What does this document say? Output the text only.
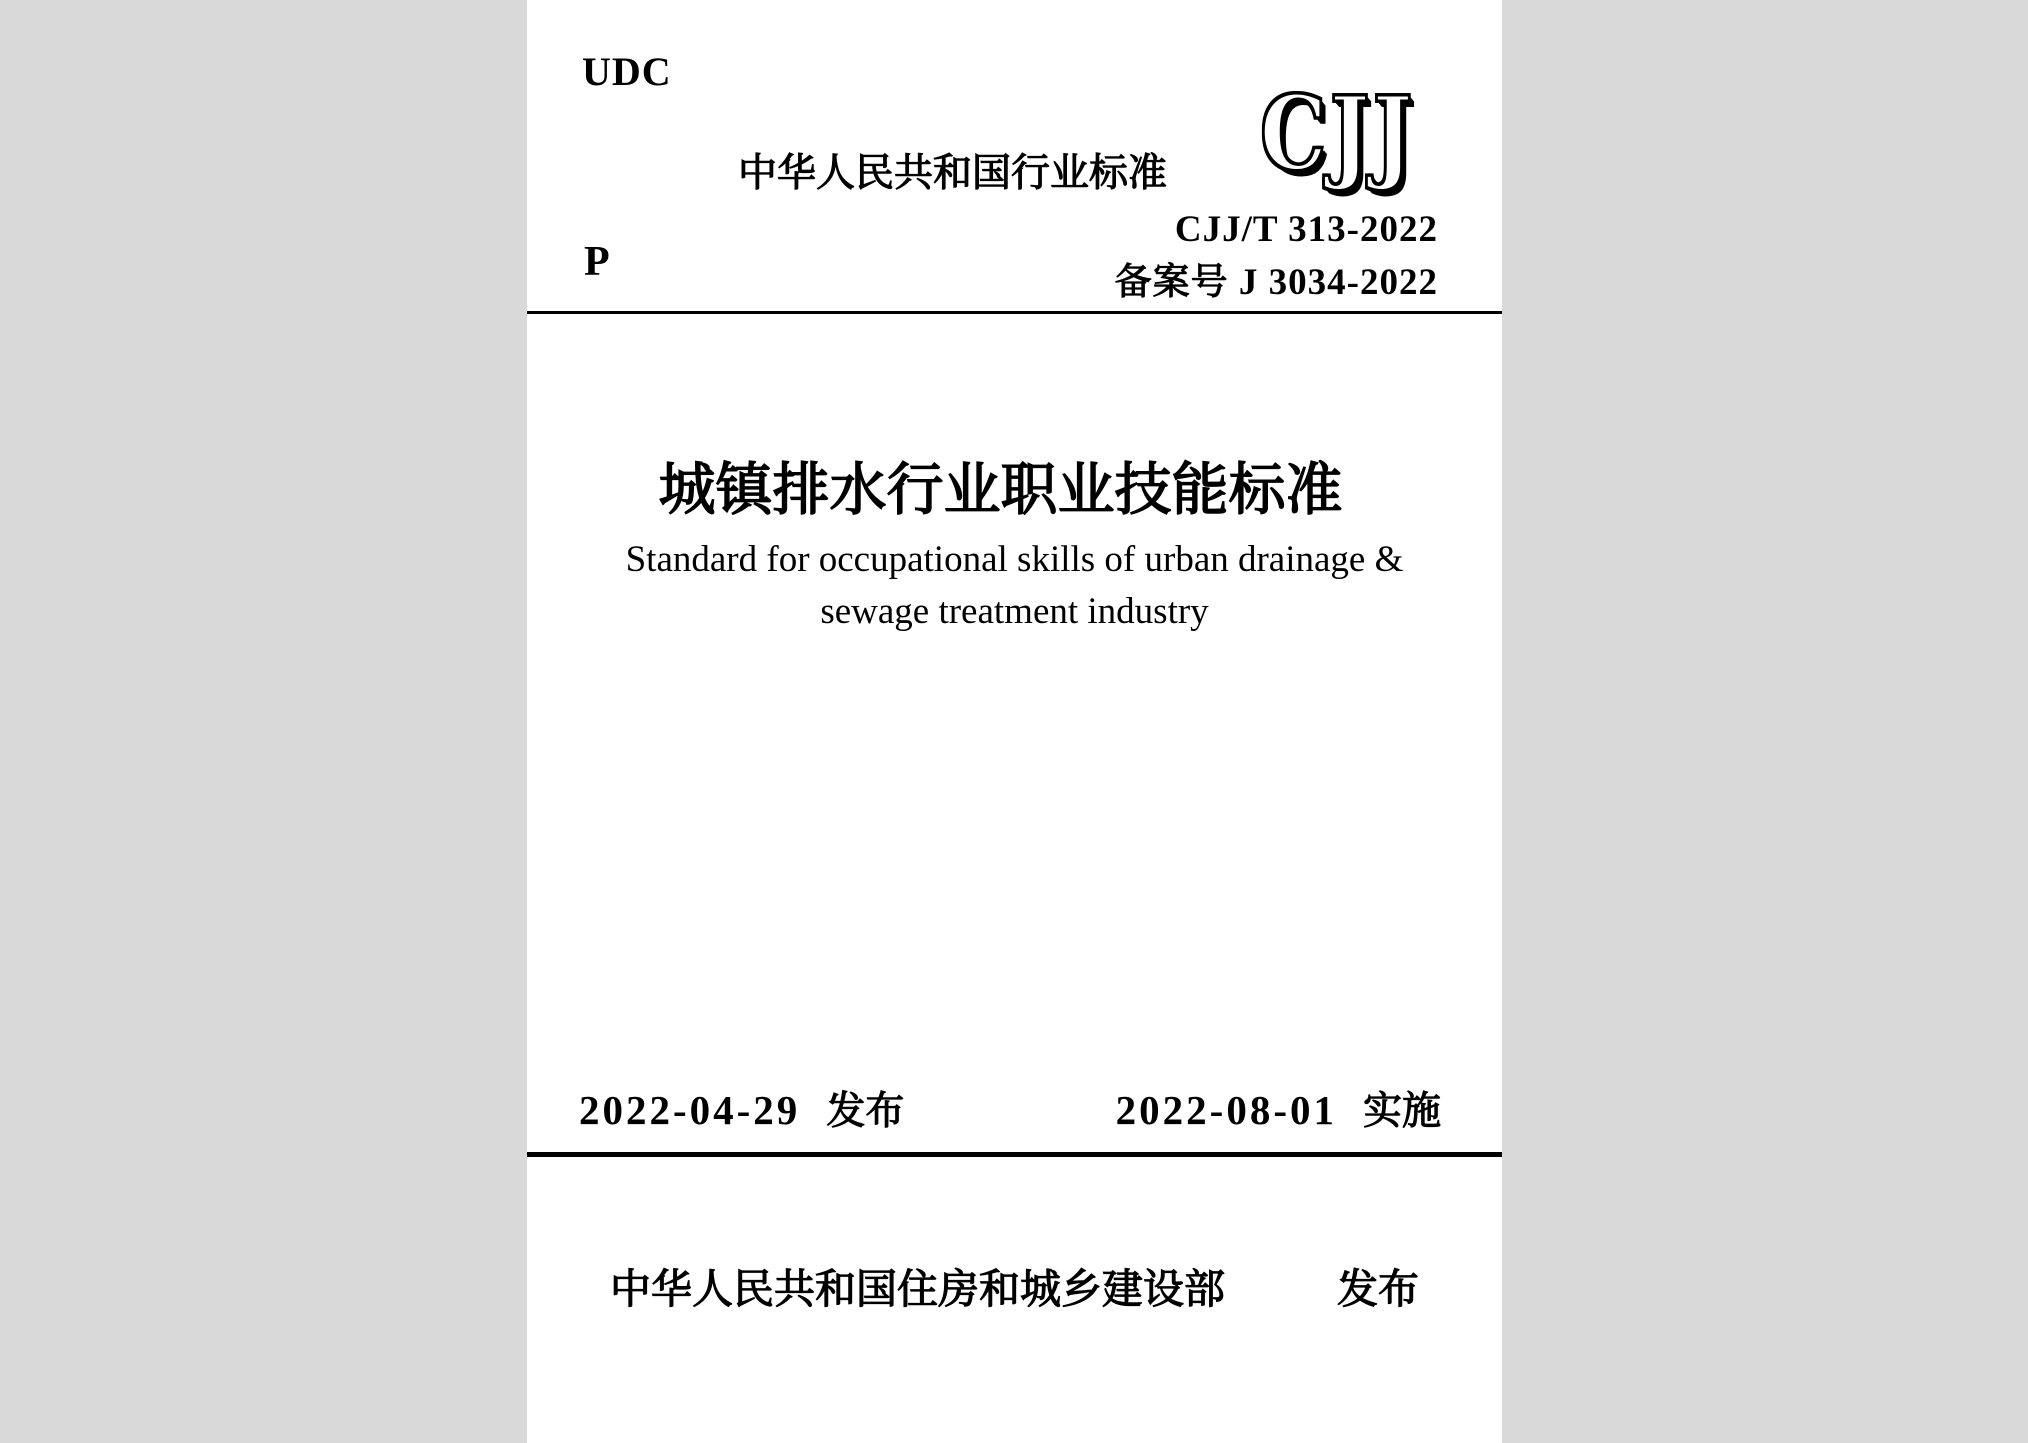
UDC
P
中华人民共和国行业标准 CJJ
CJJ/T 313-2022
备案号 J 3034-2022
城镇排水行业职业技能标准
Standard for occupational skills of urban drainage &
sewage treatment industry
2022-04-29 发布	2022-08-01 实施
中华人民共和国住房和城乡建设部	发布
